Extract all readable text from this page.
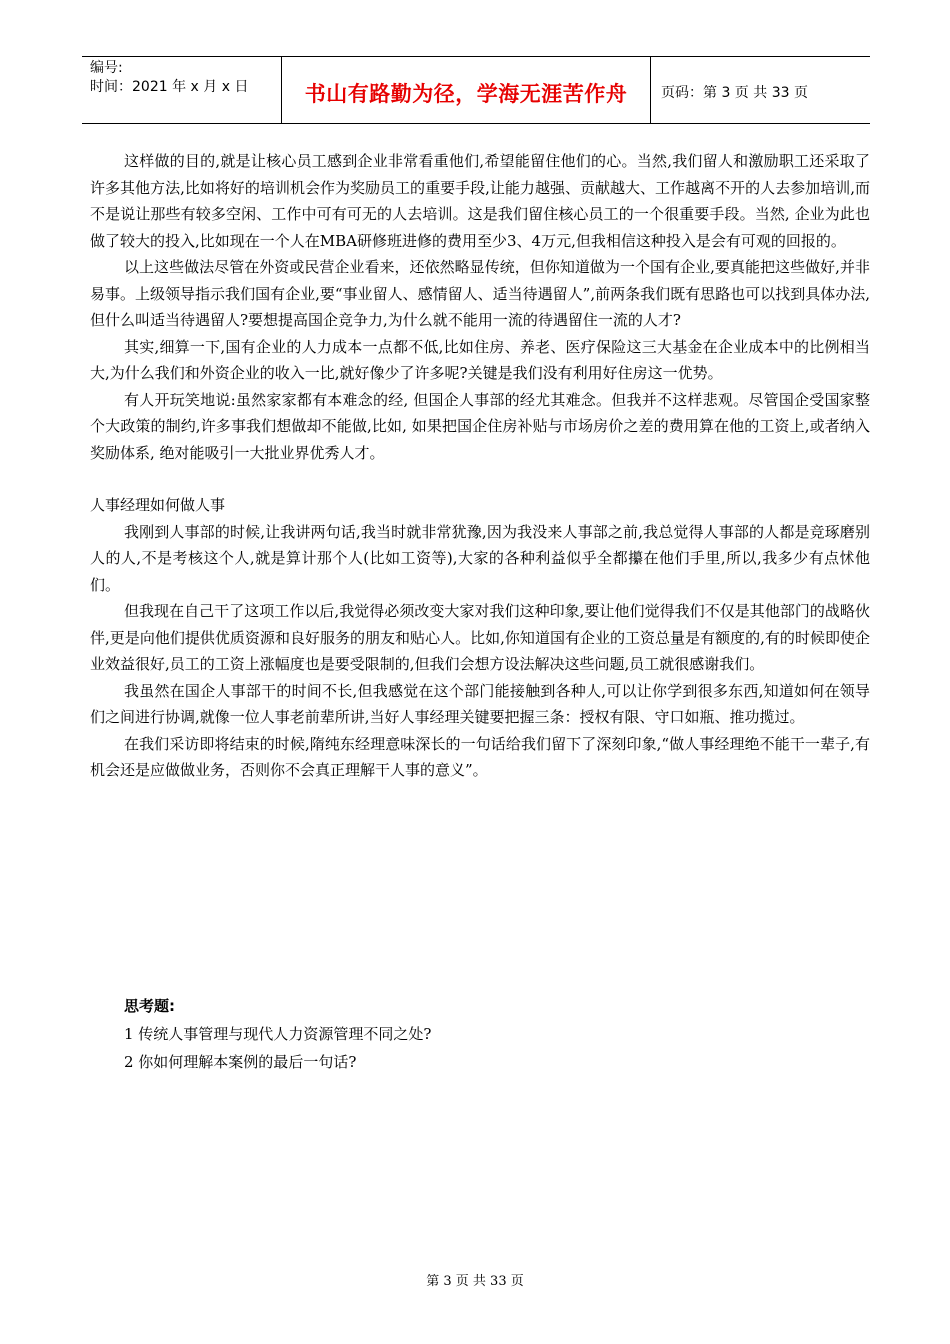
编号:
时间：2021 年 x 月 x 日	书山有路勤为径，学海无涯苦作舟	页码：第 3 页 共 33 页

这样做的目的,就是让核心员工感到企业非常看重他们,希望能留住他们的心。当然,我们留人和激励职工还采取了许多其他方法,比如将好的培训机会作为奖励员工的重要手段,让能力越强、贡献越大、工作越离不开的人去参加培训,而不是说让那些有较多空闲、工作中可有可无的人去培训。这是我们留住核心员工的一个很重要手段。当然, 企业为此也做了较大的投入,比如现在一个人在MBA研修班进修的费用至少3、4万元,但我相信这种投入是会有可观的回报的。

以上这些做法尽管在外资或民营企业看来，还依然略显传统，但你知道做为一个国有企业,要真能把这些做好,并非易事。上级领导指示我们国有企业,要“事业留人、感情留人、适当待遇留人”,前两条我们既有思路也可以找到具体办法,但什么叫适当待遇留人?要想提高国企竞争力,为什么就不能用一流的待遇留住一流的人才?

其实,细算一下,国有企业的人力成本一点都不低,比如住房、养老、医疗保险这三大基金在企业成本中的比例相当大,为什么我们和外资企业的收入一比,就好像少了许多呢?关键是我们没有利用好住房这一优势。

有人开玩笑地说:虽然家家都有本难念的经, 但国企人事部的经尤其难念。但我并不这样悲观。尽管国企受国家整个大政策的制约,许多事我们想做却不能做,比如, 如果把国企住房补贴与市场房价之差的费用算在他的工资上,或者纳入奖励体系, 绝对能吸引一大批业界优秀人才。

人事经理如何做人事

我刚到人事部的时候,让我讲两句话,我当时就非常犹豫,因为我没来人事部之前,我总觉得人事部的人都是竞琢磨别人的人,不是考核这个人,就是算计那个人(比如工资等),大家的各种利益似乎全都攥在他们手里,所以,我多少有点怵他们。

但我现在自己干了这项工作以后,我觉得必须改变大家对我们这种印象,要让他们觉得我们不仅是其他部门的战略伙伴,更是向他们提供优质资源和良好服务的朋友和贴心人。比如,你知道国有企业的工资总量是有额度的,有的时候即使企业效益很好,员工的工资上涨幅度也是要受限制的,但我们会想方设法解决这些问题,员工就很感谢我们。

我虽然在国企人事部干的时间不长,但我感觉在这个部门能接触到各种人,可以让你学到很多东西,知道如何在领导们之间进行协调,就像一位人事老前辈所讲,当好人事经理关键要把握三条：授权有限、守口如瓶、推功揽过。

在我们采访即将结束的时候,隋纯东经理意味深长的一句话给我们留下了深刻印象,“做人事经理绝不能干一辈子,有机会还是应做做业务，否则你不会真正理解干人事的意义”。

思考题:

1 传统人事管理与现代人力资源管理不同之处?

2 你如何理解本案例的最后一句话?

第 3 页 共 33 页
